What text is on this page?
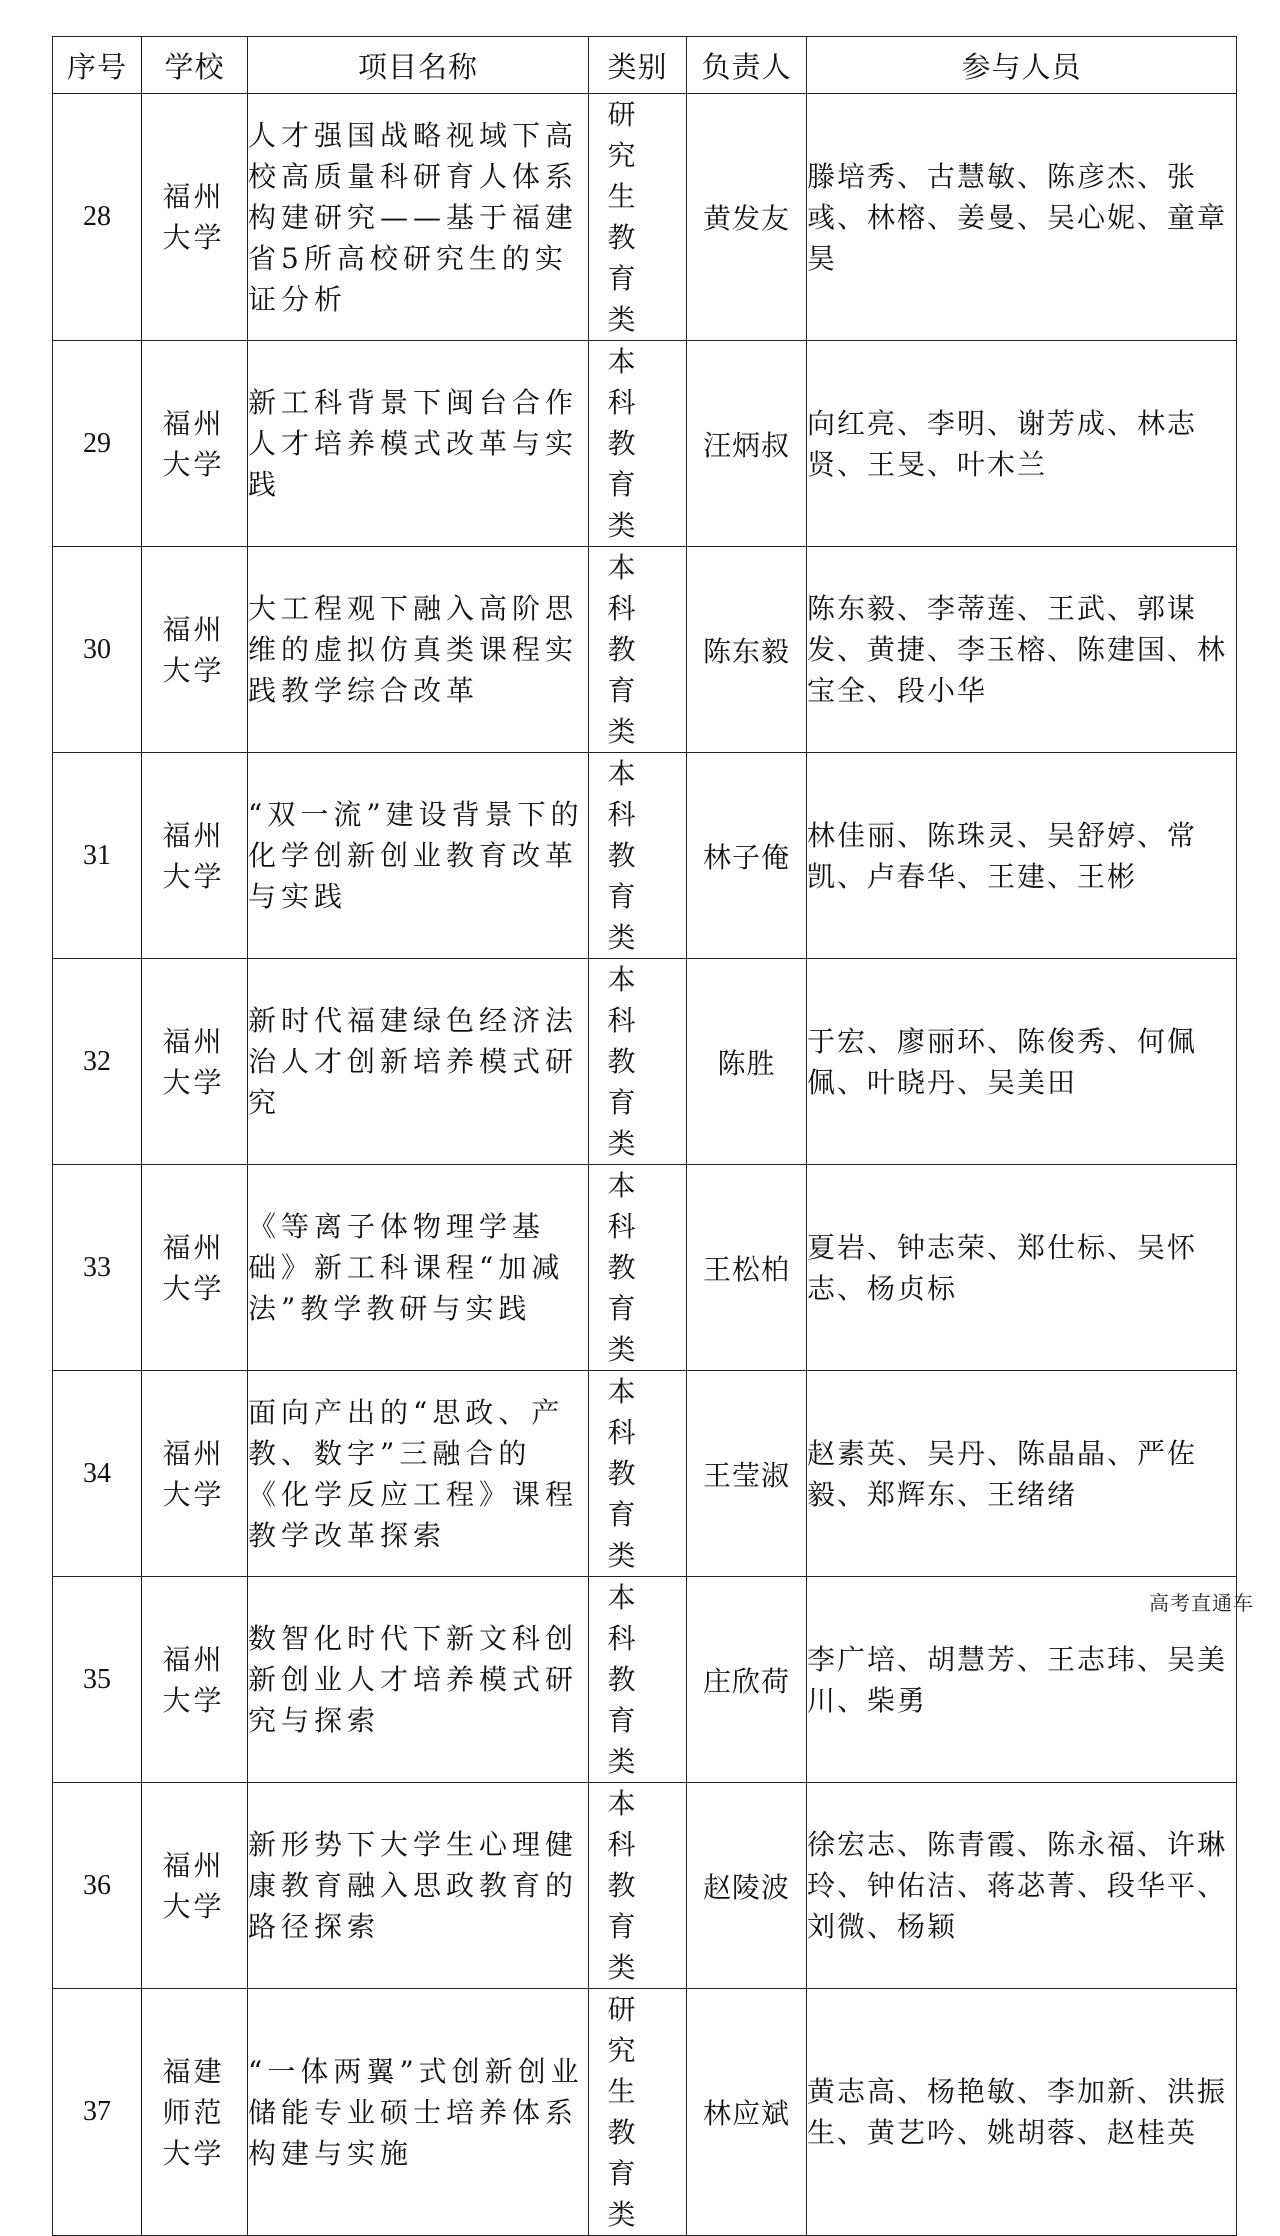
序号	学校	项目名称	类别	负责人	参与人员
28	福州大学	人才强国战略视域下高校高质量科研育人体系构建研究——基于福建省5所高校研究生的实证分析	研究生教育类	黄发友	滕培秀、古慧敏、陈彦杰、张彧、林榕、姜曼、吴心妮、童章昊
29	福州大学	新工科背景下闽台合作人才培养模式改革与实践	本科教育类	汪炳叔	向红亮、李明、谢芳成、林志贤、王旻、叶木兰
30	福州大学	大工程观下融入高阶思维的虚拟仿真类课程实践教学综合改革	本科教育类	陈东毅	陈东毅、李蒂莲、王武、郭谋发、黄捷、李玉榕、陈建国、林宝全、段小华
31	福州大学	“双一流”建设背景下的化学创新创业教育改革与实践	本科教育类	林子俺	林佳丽、陈珠灵、吴舒婷、常凯、卢春华、王建、王彬
32	福州大学	新时代福建绿色经济法治人才创新培养模式研究	本科教育类	陈胜	于宏、廖丽环、陈俊秀、何佩佩、叶晓丹、吴美田
33	福州大学	《等离子体物理学基础》新工科课程“加减法”教学教研与实践	本科教育类	王松柏	夏岩、钟志荣、郑仕标、吴怀志、杨贞标
34	福州大学	面向产出的“思政、产教、数字”三融合的《化学反应工程》课程教学改革探索	本科教育类	王莹淑	赵素英、吴丹、陈晶晶、严佐毅、郑辉东、王绪绪
35	福州大学	数智化时代下新文科创新创业人才培养模式研究与探索	本科教育类	庄欣荷	李广培、胡慧芳、王志玮、吴美川、柴勇
36	福州大学	新形势下大学生心理健康教育融入思政教育的路径探索	本科教育类	赵陵波	徐宏志、陈青霞、陈永福、许琳玲、钟佑洁、蒋苾菁、段华平、刘微、杨颖
37	福建师范大学	“一体两翼”式创新创业储能专业硕士培养体系构建与实施	研究生教育类	林应斌	黄志高、杨艳敏、李加新、洪振生、黄艺吟、姚胡蓉、赵桂英
高考直通车
